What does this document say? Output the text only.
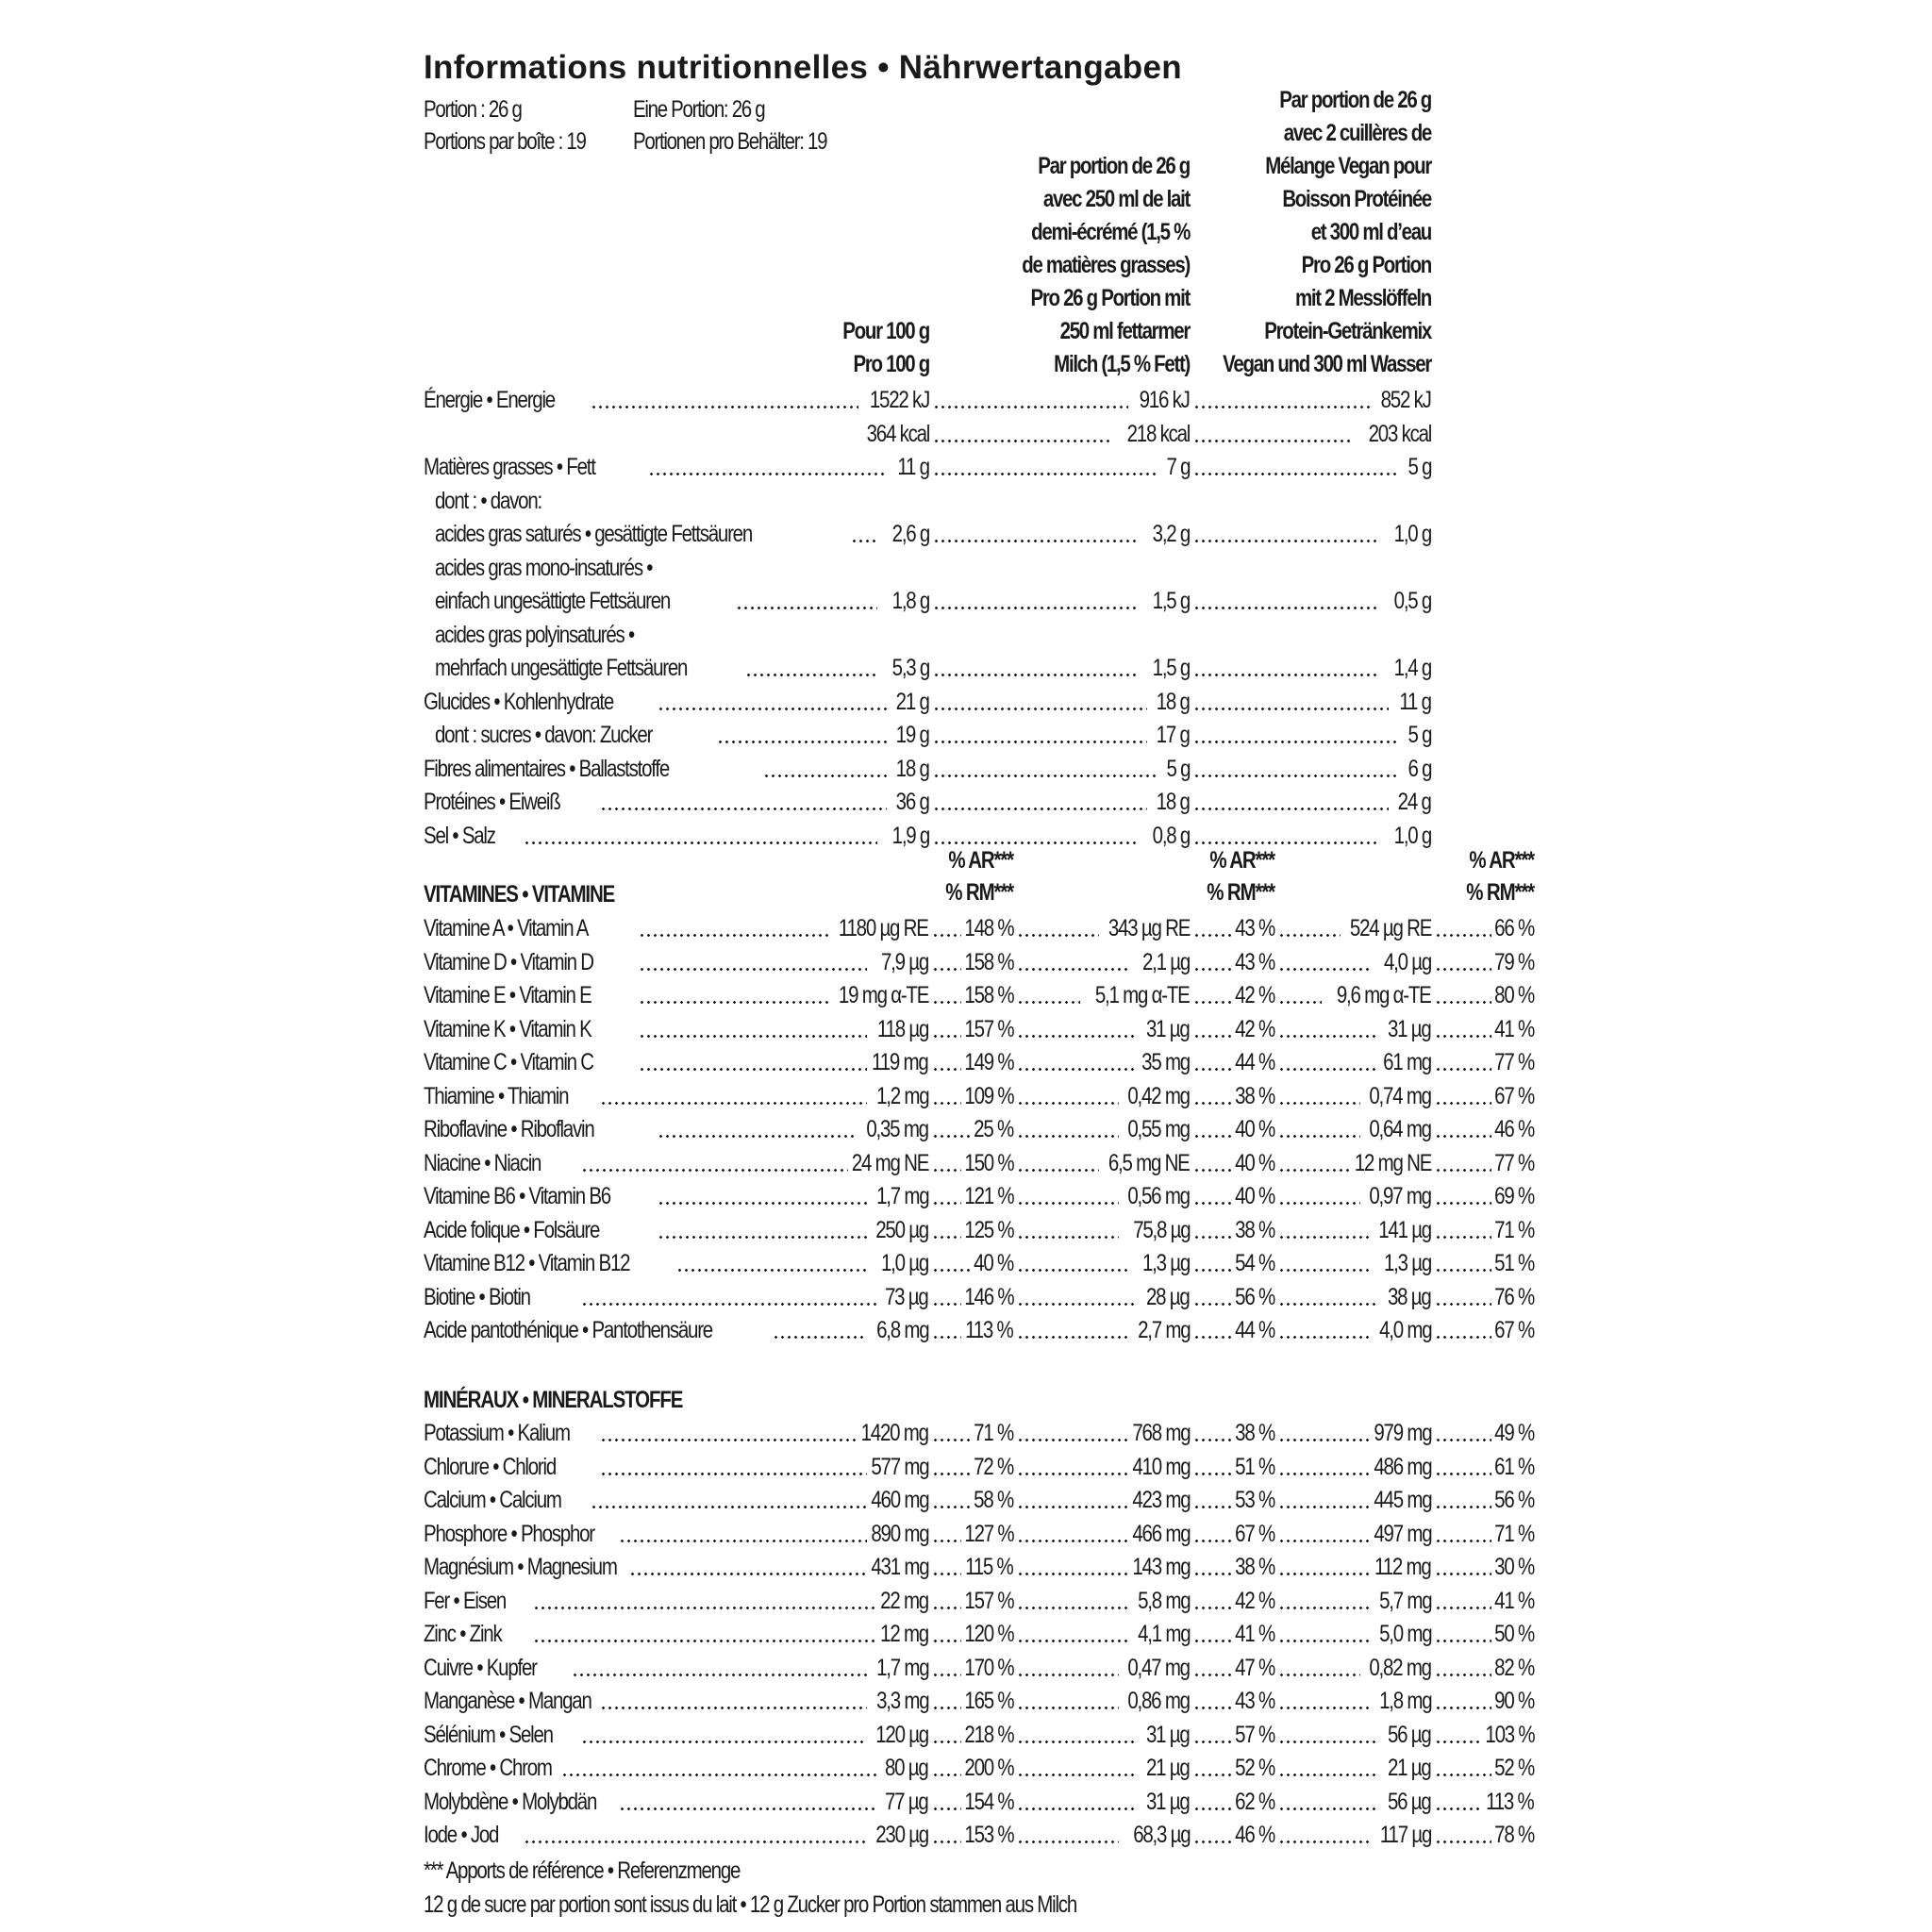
Informations nutritionnelles • Nährwertangaben
Portion : 26 g	Eine Portion: 26 g
Portions par boîte : 19 Portionen pro Behälter: 19
Pour 100 g
Pro 100 g
Par portion de 26 g
avec 250 ml de lait
demi-écrémé (1,5 %
de matières grasses)
Pro 26 g Portion mit
250 ml fettarmer
Milch (1,5 % Fett)
Par portion de 26 g
avec 2 cuillères de
Mélange Vegan pour
Boisson Protéinée
et 300 ml d’eau
Pro 26 g Portion
mit 2 Messlöffeln
Protein-Getränkemix
Vegan und 300 ml Wasser
Énergie • Energie	1522 kJ	916 kJ	852 kJ
364 kcal	218 kcal	203 kcal
Matières grasses • Fett	11 g	7 g	5 g
dont : • davon:
acides gras saturés • gesättigte Fettsäuren	2,6 g	3,2 g	1,0 g
acides gras mono-insaturés •
einfach ungesättigte Fettsäuren	1,8 g	1,5 g	0,5 g
acides gras polyinsaturés •
mehrfach ungesättigte Fettsäuren	5,3 g	1,5 g	1,4 g
Glucides • Kohlenhydrate	21 g	18 g	11 g
dont : sucres • davon: Zucker	19 g	17 g	5 g
Fibres alimentaires • Ballaststoffe	18 g	5 g	6 g
Protéines • Eiweiß	36 g	18 g	24 g
Sel • Salz	1,9 g	0,8 g	1,0 g
% AR***
% RM***
% AR***
% RM***
% AR***
% RM***
VITAMINES • VITAMINE
Vitamine A • Vitamin A	1180 µg RE 148 %	343 µg RE 43 %	524 µg RE	66 %
Vitamine D • Vitamin D	7,9 µg 158 %	2,1 µg 43 %	4,0 µg	79 %
Vitamine E • Vitamin E	19 mg α-TE 158 %	5,1 mg α-TE 42 %	9,6 mg α-TE	80 %
Vitamine K • Vitamin K	118 µg 157 %	31 µg 42 %	31 µg	41 %
Vitamine C • Vitamin C	119 mg 149 %	35 mg 44 %	61 mg	77 %
Thiamine • Thiamin	1,2 mg 109 %	0,42 mg 38 %	0,74 mg	67 %
Riboflavine • Riboflavin	0,35 mg 25 %	0,55 mg 40 %	0,64 mg	46 %
Niacine • Niacin	24 mg NE 150 %	6,5 mg NE 40 %	12 mg NE	77 %
Vitamine B6 • Vitamin B6	1,7 mg 121 %	0,56 mg 40 %	0,97 mg	69 %
Acide folique • Folsäure	250 µg 125 %	75,8 µg 38 %	141 µg	71 %
Vitamine B12 • Vitamin B12	1,0 µg 40 %	1,3 µg 54 %	1,3 µg	51 %
Biotine • Biotin	73 µg 146 %	28 µg 56 %	38 µg	76 %
Acide pantothénique • Pantothensäure	6,8 mg 113 %	2,7 mg 44 %	4,0 mg	67 %
MINÉRAUX • MINERALSTOFFE
Potassium • Kalium	1420 mg 71 %	768 mg 38 %	979 mg	49 %
Chlorure • Chlorid	577 mg 72 %	410 mg 51 %	486 mg	61 %
Calcium • Calcium	460 mg 58 %	423 mg 53 %	445 mg	56 %
Phosphore • Phosphor	890 mg 127 %	466 mg 67 %	497 mg	71 %
Magnésium • Magnesium	431 mg 115 %	143 mg 38 %	112 mg	30 %
Fer • Eisen	22 mg 157 %	5,8 mg 42 %	5,7 mg	41 %
Zinc • Zink	12 mg 120 %	4,1 mg 41 %	5,0 mg	50 %
Cuivre • Kupfer	1,7 mg 170 %	0,47 mg 47 %	0,82 mg	82 %
Manganèse • Mangan	3,3 mg 165 %	0,86 mg 43 %	1,8 mg	90 %
Sélénium • Selen	120 µg 218 %	31 µg 57 %	56 µg 103 %
Chrome • Chrom	80 µg 200 %	21 µg 52 %	21 µg	52 %
Molybdène • Molybdän	77 µg 154 %	31 µg 62 %	56 µg 113 %
Iode • Jod	230 µg 153 %	68,3 µg 46 %	117 µg	78 %
*** Apports de référence • Referenzmenge
12 g de sucre par portion sont issus du lait • 12 g Zucker pro Portion stammen aus Milch
